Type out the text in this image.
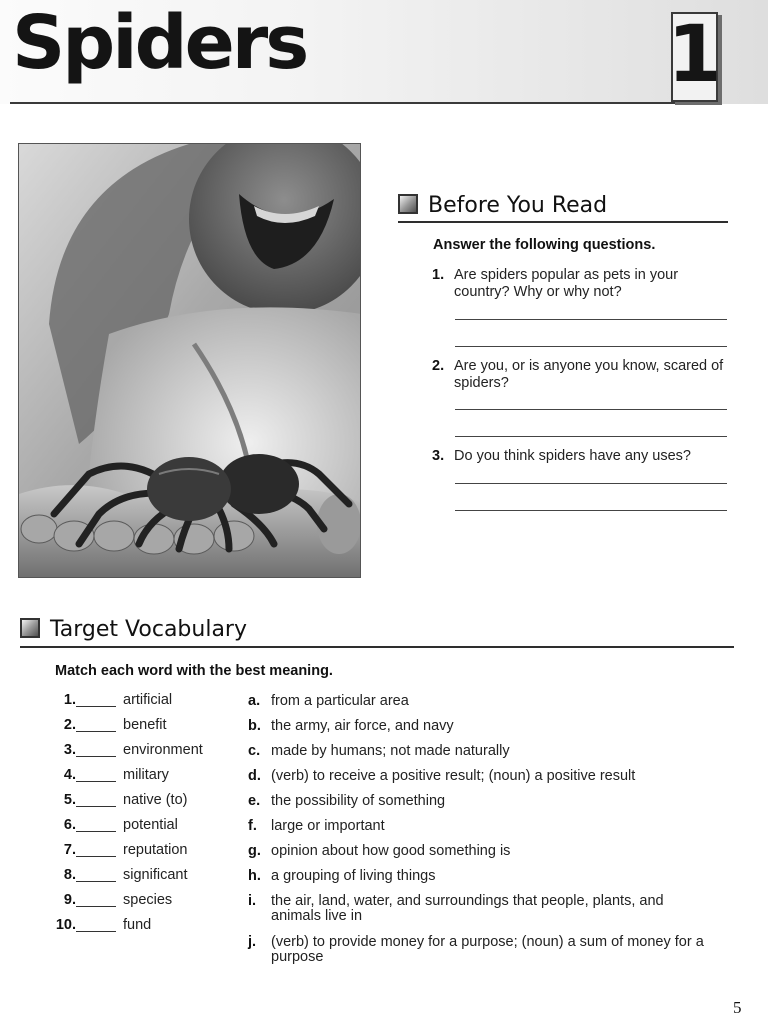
Spiders	1
Before You Read
Answer the following questions.
1. Are spiders popular as pets in your country? Why or why not?
2. Are you, or is anyone you know, scared of spiders?
3. Do you think spiders have any uses?
Target Vocabulary
Match each word with the best meaning.
1.	artificial
2.	benefit
3.	environment
4.	military
5.	native (to)
6.	potential
7.	reputation
8.	significant
9.	species
10.	fund
a. from a particular area
b. the army, air force, and navy
c. made by humans; not made naturally
d. (verb) to receive a positive result; (noun) a positive result
e. the possibility of something
f. large or important
g. opinion about how good something is
h. a grouping of living things
i.	the air, land, water, and surroundings that people, plants, and animals live in
j.	(verb) to provide money for a purpose; (noun) a sum of money for a purpose
5
